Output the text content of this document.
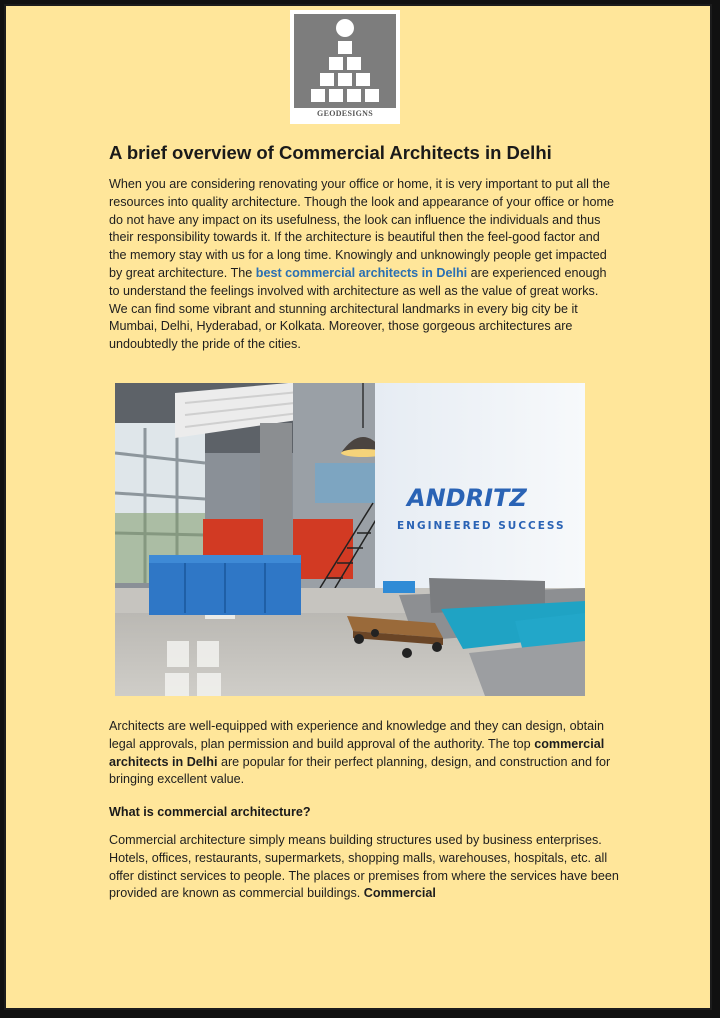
GEODESIGNS
A brief overview of Commercial Architects in Delhi

When you are considering renovating your office or home, it is very important to put all the resources into quality architecture. Though the look and appearance of your office or home do not have any impact on its usefulness, the look can influence the individuals and thus their responsibility towards it. If the architecture is beautiful then the feel-good factor and the memory stay with us for a long time. Knowingly and unknowingly people get impacted by great architecture. The best commercial architects in Delhi are experienced enough to understand the feelings involved with architecture as well as the value of great works. We can find some vibrant and stunning architectural landmarks in every big city be it Mumbai, Delhi, Hyderabad, or Kolkata. Moreover, those gorgeous architectures are undoubtedly the pride of the cities.

Architects are well-equipped with experience and knowledge and they can design, obtain legal approvals, plan permission and build approval of the authority. The top commercial architects in Delhi are popular for their perfect planning, design, and construction and for bringing excellent value.

What is commercial architecture?

Commercial architecture simply means building structures used by business enterprises. Hotels, offices, restaurants, supermarkets, shopping malls, warehouses, hospitals, etc. all offer distinct services to people. The places or premises from where the services have been provided are known as commercial buildings. Commercial

ANDRITZ
ENGINEERED SUCCESS
